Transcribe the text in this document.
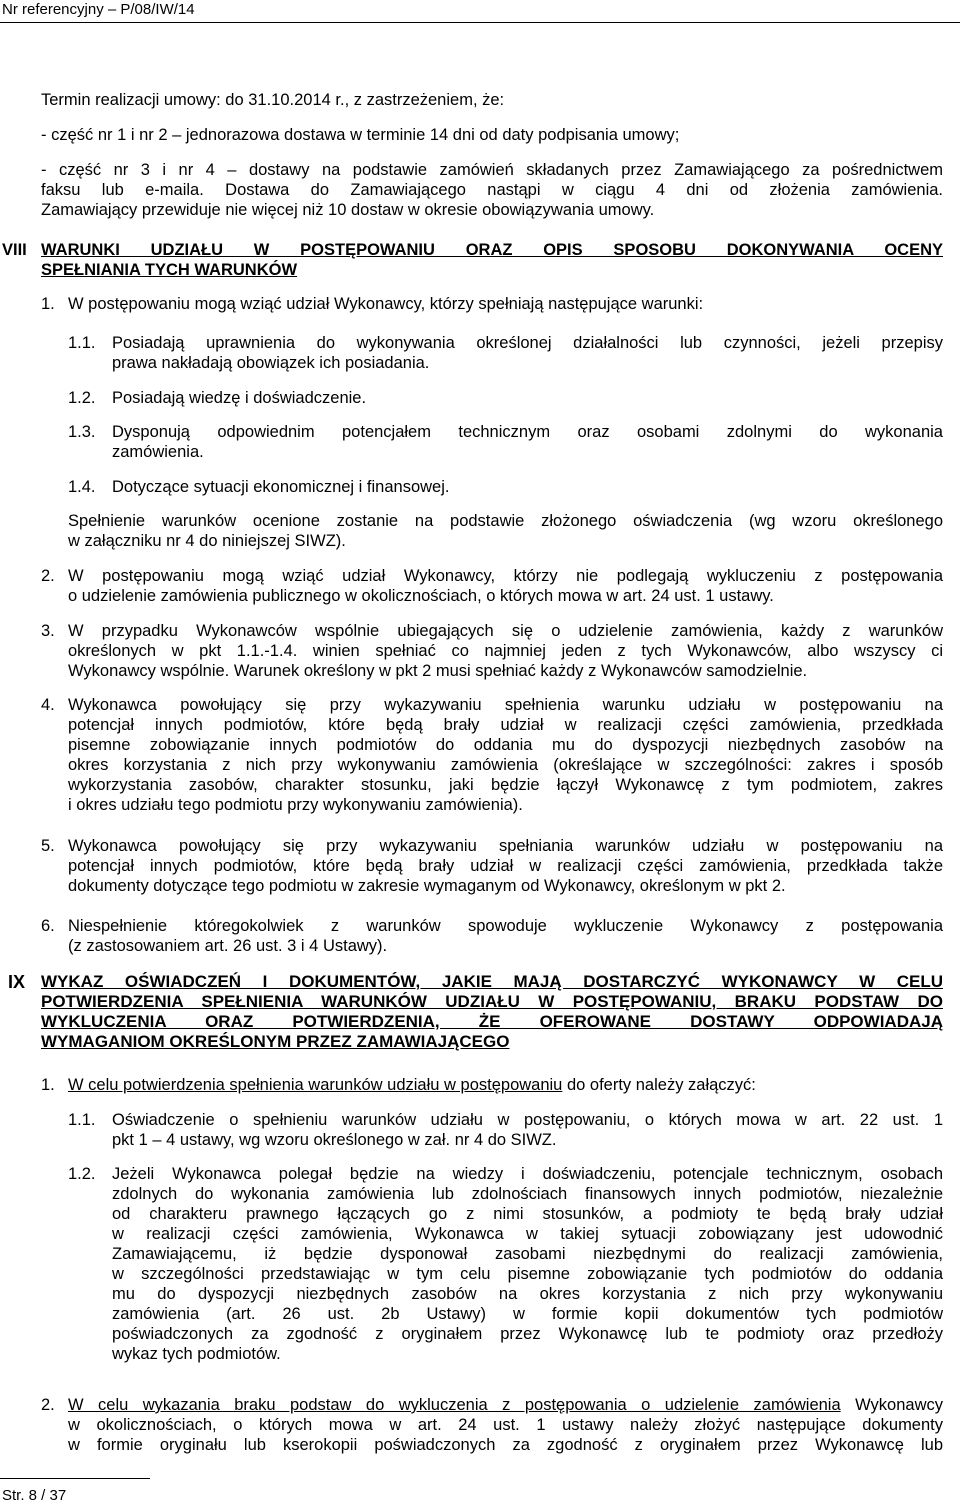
Nr referencyjny – P/08/IW/14
Termin realizacji umowy: do 31.10.2014 r., z zastrzeżeniem, że:
- część nr 1 i nr 2 – jednorazowa dostawa w terminie 14 dni od daty podpisania umowy;
- część nr 3 i nr 4 – dostawy na podstawie zamówień składanych przez Zamawiającego za pośrednictwem
faksu lub e-maila. Dostawa do Zamawiającego nastąpi w ciągu 4 dni od złożenia zamówienia.
Zamawiający przewiduje nie więcej niż 10 dostaw w okresie obowiązywania umowy.
VIII WARUNKI UDZIAŁU W POSTĘPOWANIU ORAZ OPIS SPOSOBU DOKONYWANIA OCENY
SPEŁNIANIA TYCH WARUNKÓW
1. W postępowaniu mogą wziąć udział Wykonawcy, którzy spełniają następujące warunki:
1.1. Posiadają uprawnienia do wykonywania określonej działalności lub czynności, jeżeli przepisy
prawa nakładają obowiązek ich posiadania.
1.2. Posiadają wiedzę i doświadczenie.
1.3. Dysponują odpowiednim potencjałem technicznym oraz osobami zdolnymi do wykonania
zamówienia.
1.4. Dotyczące sytuacji ekonomicznej i finansowej.
Spełnienie warunków ocenione zostanie na podstawie złożonego oświadczenia (wg wzoru określonego
w załączniku nr 4 do niniejszej SIWZ).
2. W postępowaniu mogą wziąć udział Wykonawcy, którzy nie podlegają wykluczeniu z postępowania
o udzielenie zamówienia publicznego w okolicznościach, o których mowa w art. 24 ust. 1 ustawy.
3. W przypadku Wykonawców wspólnie ubiegających się o udzielenie zamówienia, każdy z warunków
określonych w pkt 1.1.-1.4. winien spełniać co najmniej jeden z tych Wykonawców, albo wszyscy ci
Wykonawcy wspólnie. Warunek określony w pkt 2 musi spełniać każdy z Wykonawców samodzielnie.
4. Wykonawca powołujący się przy wykazywaniu spełnienia warunku udziału w postępowaniu na
potencjał innych podmiotów, które będą brały udział w realizacji części zamówienia, przedkłada
pisemne zobowiązanie innych podmiotów do oddania mu do dyspozycji niezbędnych zasobów na
okres korzystania z nich przy wykonywaniu zamówienia (określające w szczególności: zakres i sposób
wykorzystania zasobów, charakter stosunku, jaki będzie łączył Wykonawcę z tym podmiotem, zakres
i okres udziału tego podmiotu przy wykonywaniu zamówienia).
5. Wykonawca powołujący się przy wykazywaniu spełniania warunków udziału w postępowaniu na
potencjał innych podmiotów, które będą brały udział w realizacji części zamówienia, przedkłada także
dokumenty dotyczące tego podmiotu w zakresie wymaganym od Wykonawcy, określonym w pkt 2.
6. Niespełnienie któregokolwiek z warunków spowoduje wykluczenie Wykonawcy z postępowania
(z zastosowaniem art. 26 ust. 3 i 4 Ustawy).
IX WYKAZ OŚWIADCZEŃ I DOKUMENTÓW, JAKIE MAJĄ DOSTARCZYĆ WYKONAWCY W CELU
POTWIERDZENIA SPEŁNIENIA WARUNKÓW UDZIAŁU W POSTĘPOWANIU, BRAKU PODSTAW DO
WYKLUCZENIA ORAZ POTWIERDZENIA, ŻE OFEROWANE DOSTAWY ODPOWIADAJĄ
WYMAGANIOM OKREŚLONYM PRZEZ ZAMAWIAJĄCEGO
1. W celu potwierdzenia spełnienia warunków udziału w postępowaniu do oferty należy załączyć:
1.1. Oświadczenie o spełnieniu warunków udziału w postępowaniu, o których mowa w art. 22 ust. 1
pkt 1 – 4 ustawy, wg wzoru określonego w zał. nr 4 do SIWZ.
1.2. Jeżeli Wykonawca polegał będzie na wiedzy i doświadczeniu, potencjale technicznym, osobach
zdolnych do wykonania zamówienia lub zdolnościach finansowych innych podmiotów, niezależnie
od charakteru prawnego łączących go z nimi stosunków, a podmioty te będą brały udział
w realizacji części zamówienia, Wykonawca w takiej sytuacji zobowiązany jest udowodnić
Zamawiającemu, iż będzie dysponował zasobami niezbędnymi do realizacji zamówienia,
w szczególności przedstawiając w tym celu pisemne zobowiązanie tych podmiotów do oddania
mu do dyspozycji niezbędnych zasobów na okres korzystania z nich przy wykonywaniu
zamówienia (art. 26 ust. 2b Ustawy) w formie kopii dokumentów tych podmiotów
poświadczonych za zgodność z oryginałem przez Wykonawcę lub te podmioty oraz przedłoży
wykaz tych podmiotów.
2. W celu wykazania braku podstaw do wykluczenia z postępowania o udzielenie zamówienia Wykonawcy
w okolicznościach, o których mowa w art. 24 ust. 1 ustawy należy złożyć następujące dokumenty
w formie oryginału lub kserokopii poświadczonych za zgodność z oryginałem przez Wykonawcę lub
Str. 8 / 37
